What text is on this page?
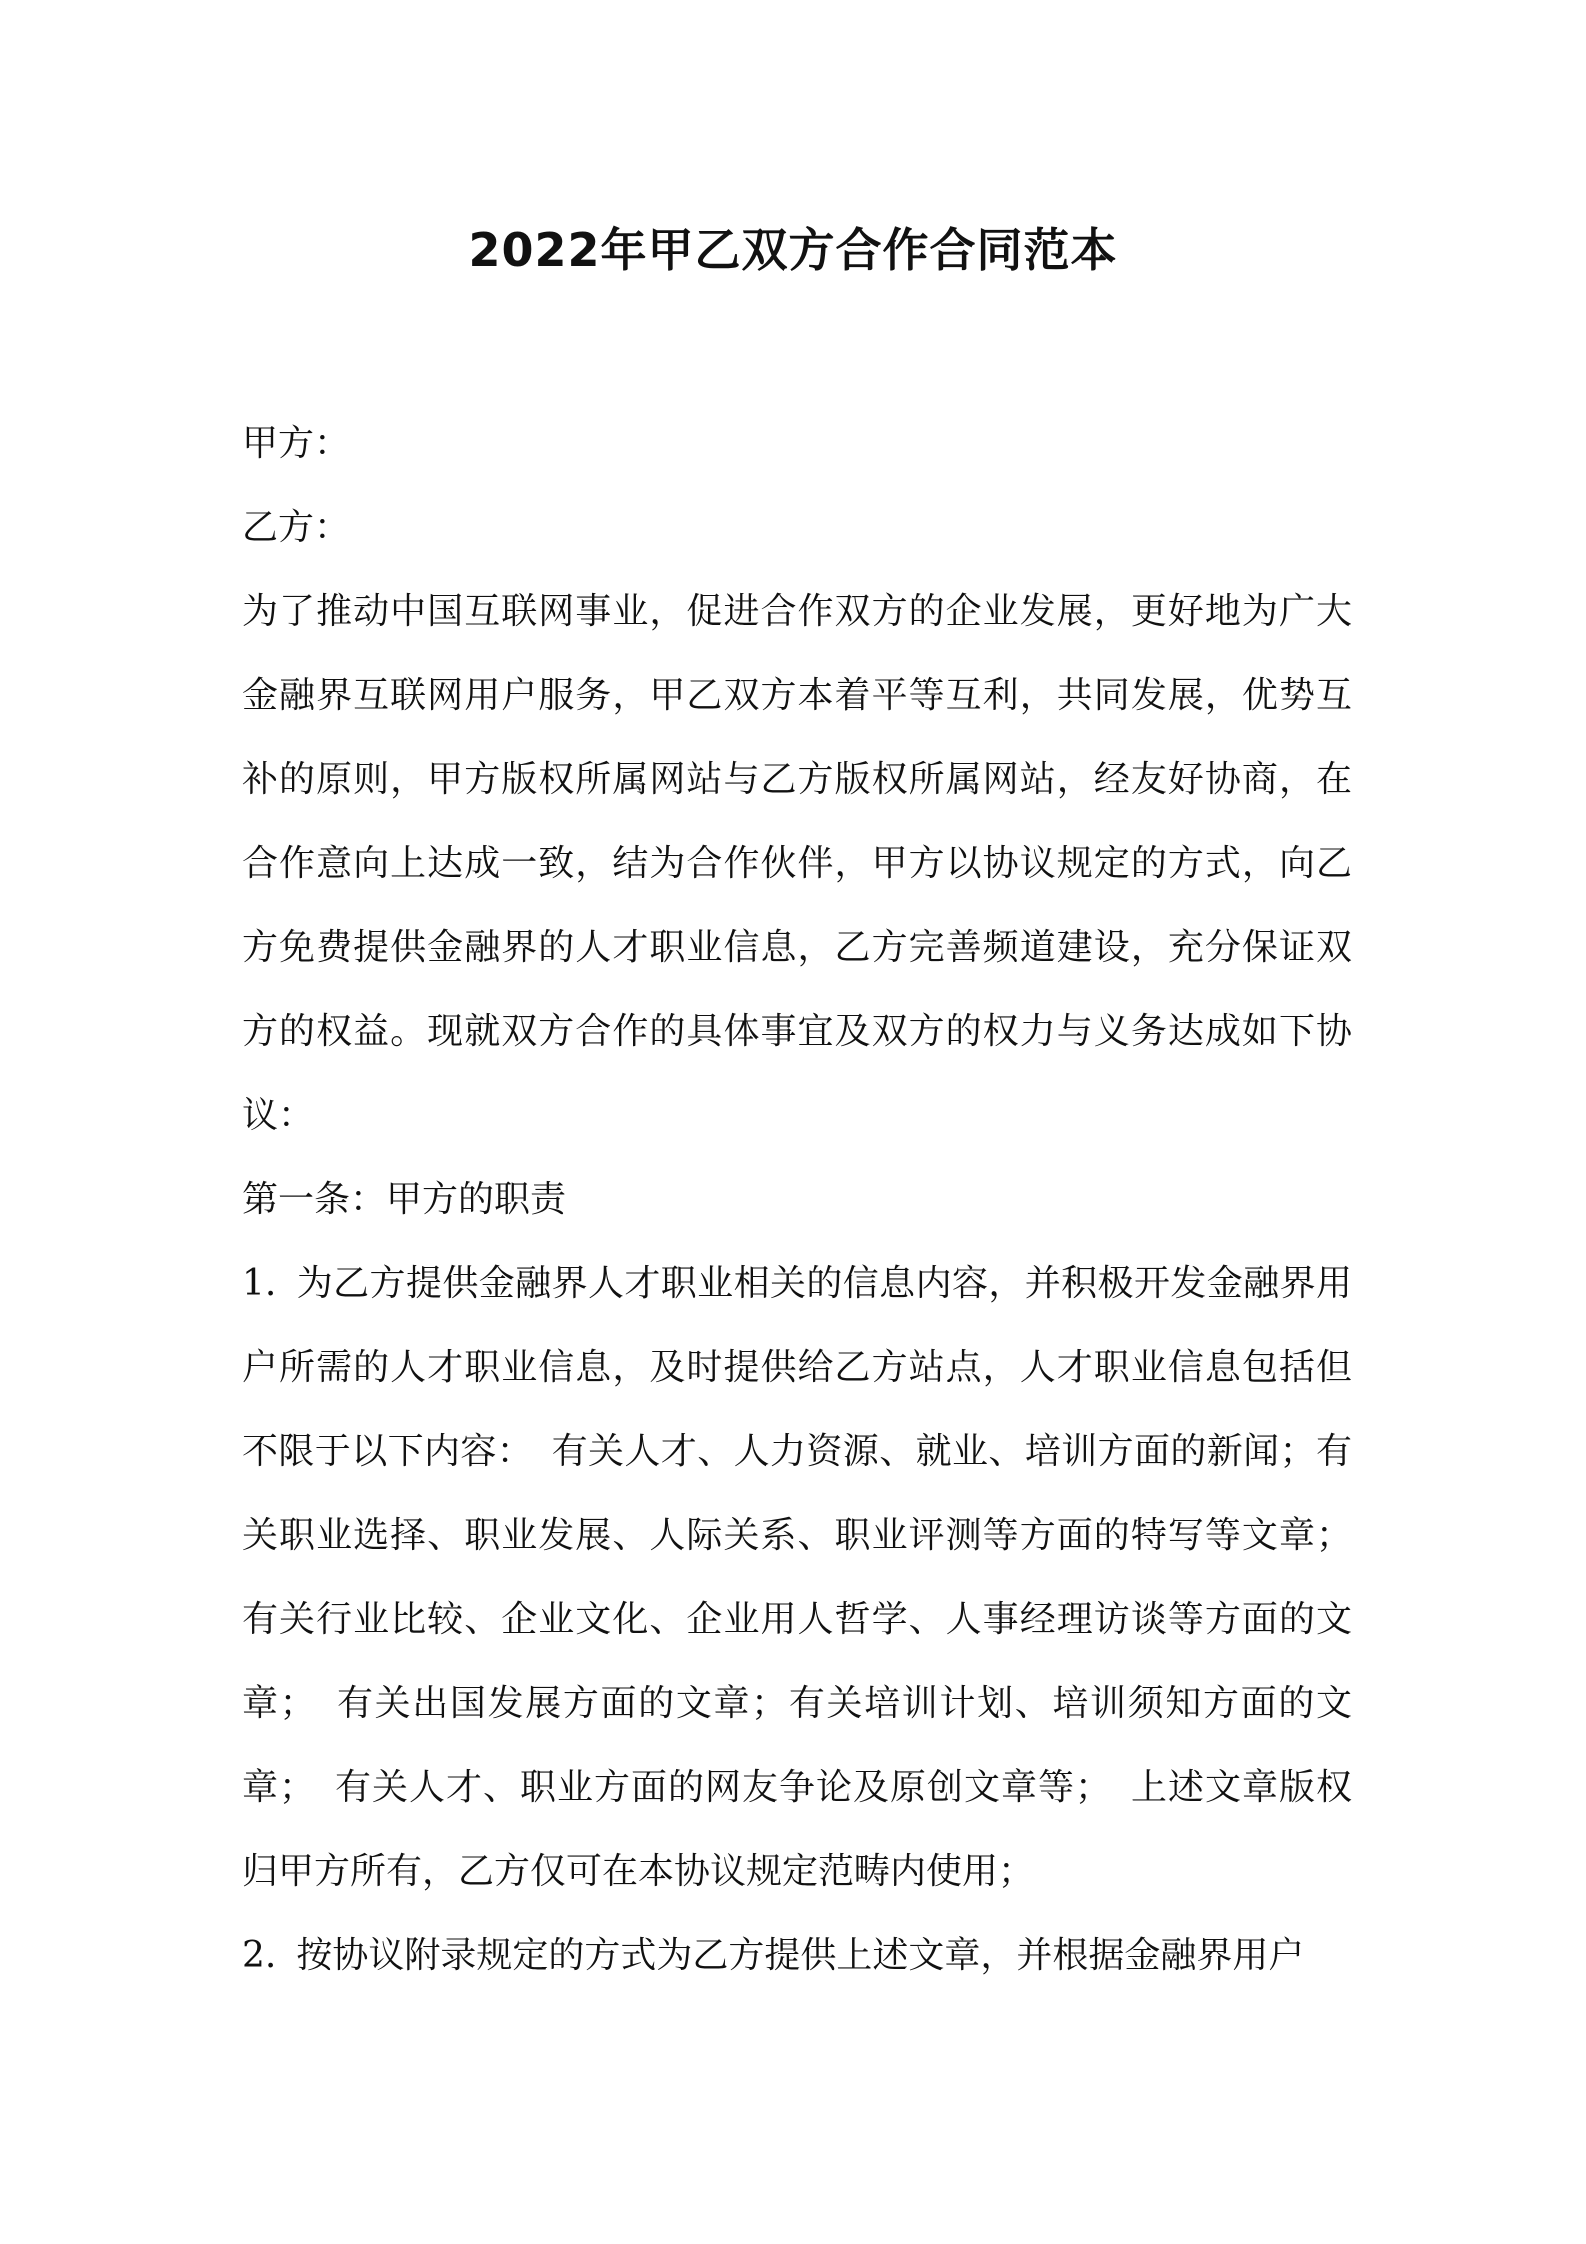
2022年甲乙双方合作合同范本

甲方：

乙方：

为了推动中国互联网事业，促进合作双方的企业发展，更好地为广大金融界互联网用户服务，甲乙双方本着平等互利，共同发展，优势互补的原则，甲方版权所属网站与乙方版权所属网站，经友好协商，在合作意向上达成一致，结为合作伙伴，甲方以协议规定的方式，向乙方免费提供金融界的人才职业信息，乙方完善频道建设，充分保证双方的权益。现就双方合作的具体事宜及双方的权力与义务达成如下协议：

第一条：甲方的职责

1. 为乙方提供金融界人才职业相关的信息内容，并积极开发金融界用户所需的人才职业信息，及时提供给乙方站点，人才职业信息包括但不限于以下内容：　有关人才、人力资源、就业、培训方面的新闻；有关职业选择、职业发展、人际关系、职业评测等方面的特写等文章；有关行业比较、企业文化、企业用人哲学、人事经理访谈等方面的文章；　有关出国发展方面的文章；有关培训计划、培训须知方面的文章；　有关人才、职业方面的网友争论及原创文章等；　上述文章版权归甲方所有，乙方仅可在本协议规定范畴内使用；

2. 按协议附录规定的方式为乙方提供上述文章，并根据金融界用户
